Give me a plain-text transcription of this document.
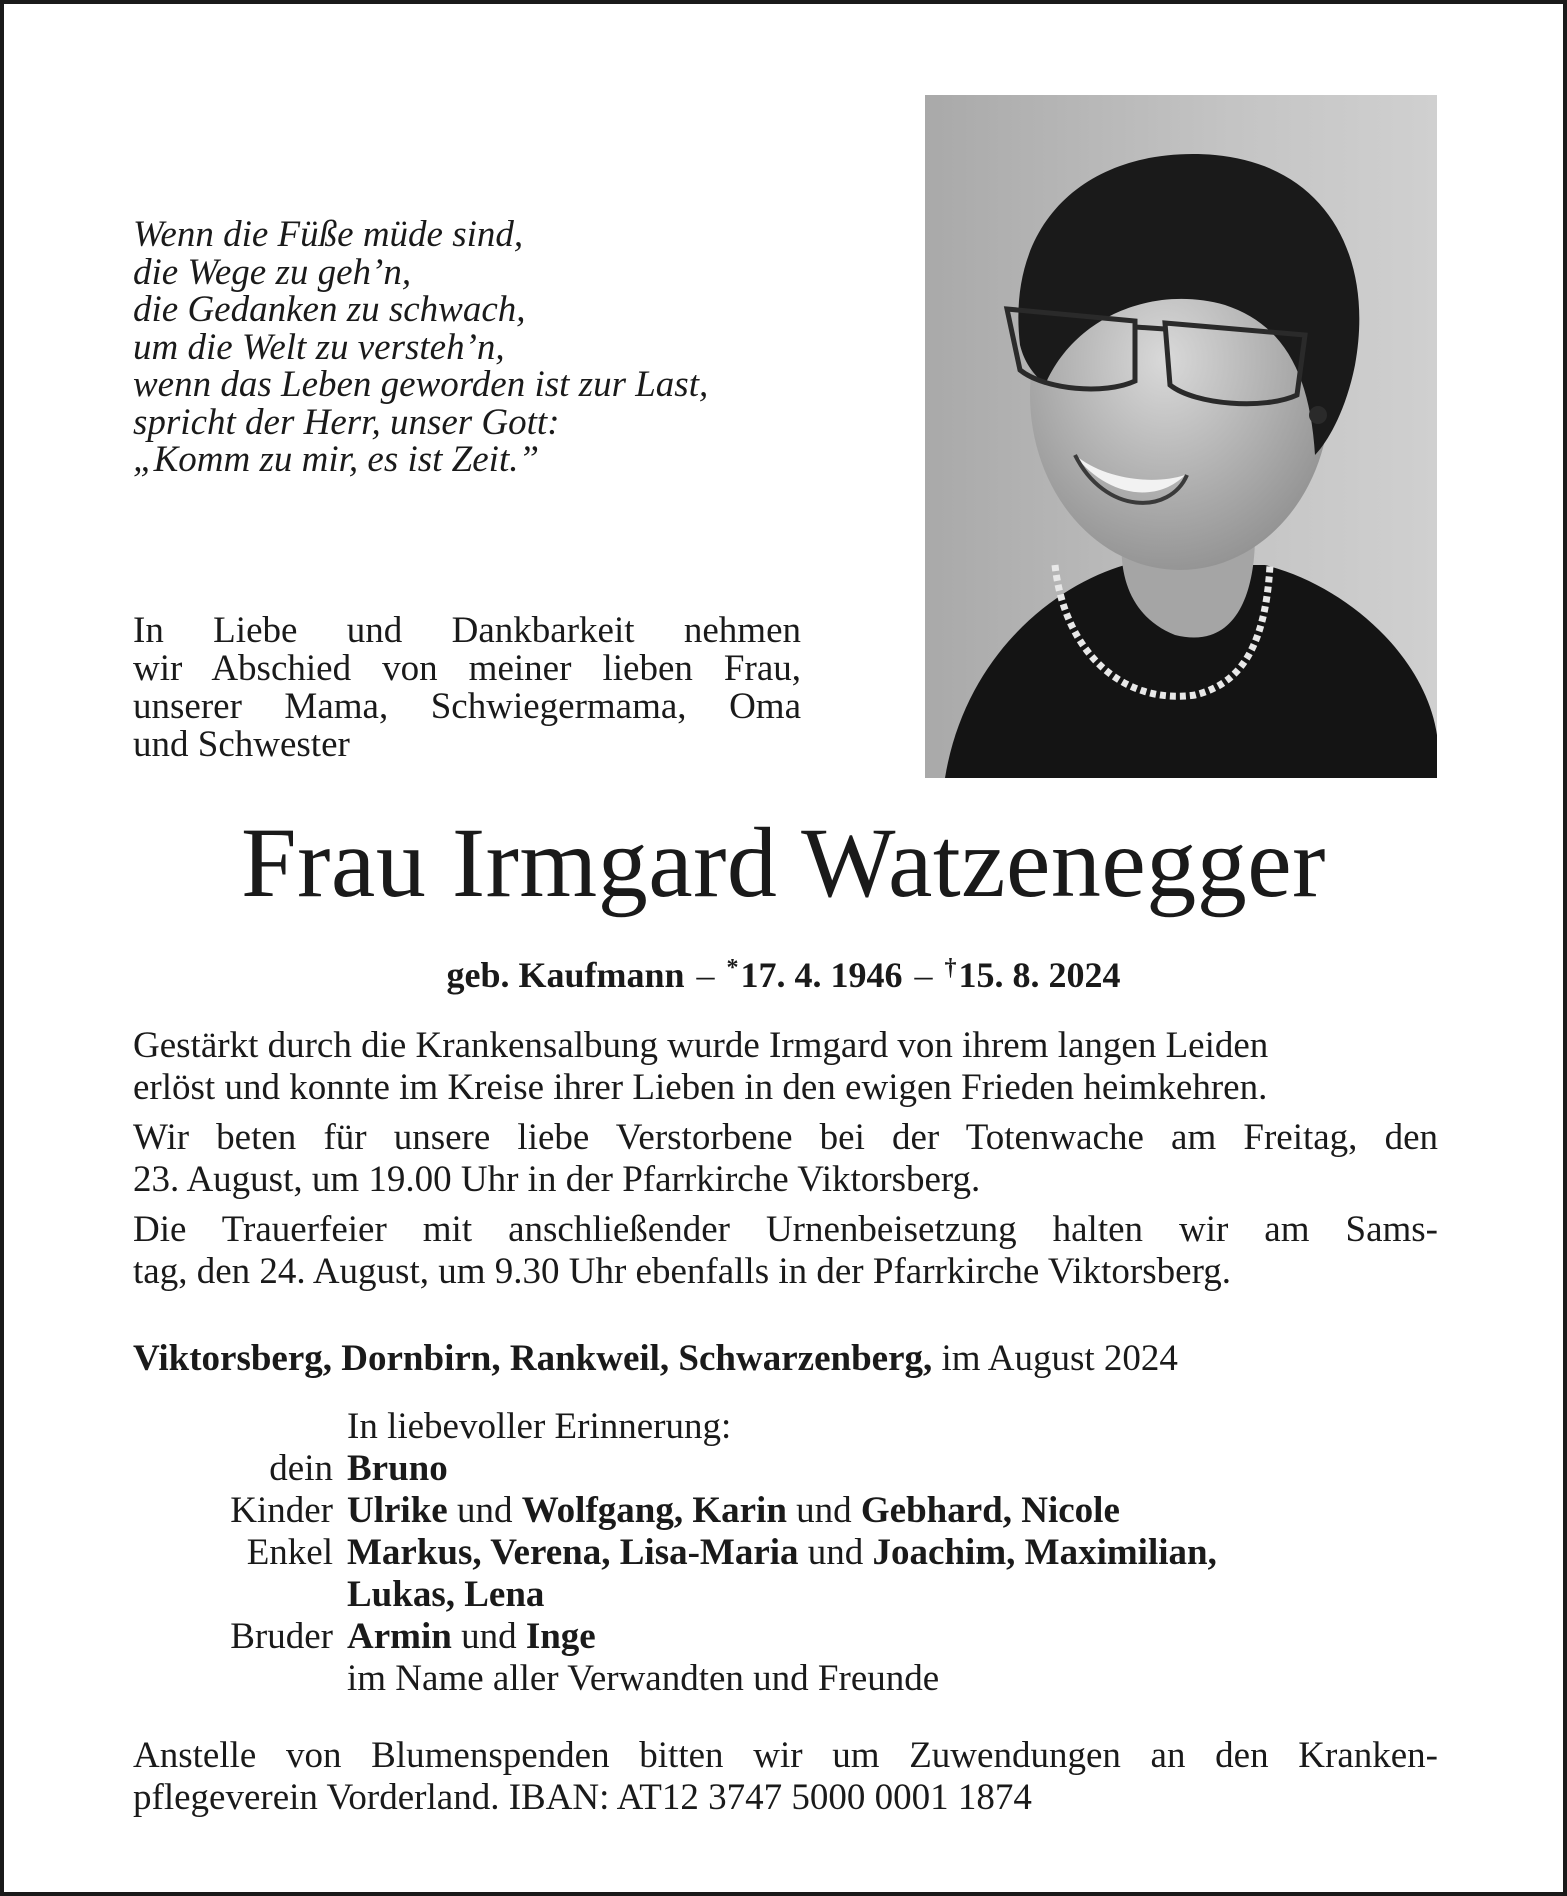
Wenn die Füße müde sind,
die Wege zu geh’n,
die Gedanken zu schwach,
um die Welt zu versteh’n,
wenn das Leben geworden ist zur Last,
spricht der Herr, unser Gott:
„Komm zu mir, es ist Zeit.”
In Liebe und Dankbarkeit nehmen
wir Abschied von meiner lieben Frau,
unserer Mama, Schwiegermama, Oma
und Schwester
Frau Irmgard Watzenegger
geb. Kaufmann – *17. 4. 1946 – †15. 8. 2024
Gestärkt durch die Krankensalbung wurde Irmgard von ihrem langen Leiden
erlöst und konnte im Kreise ihrer Lieben in den ewigen Frieden heimkehren.
Wir beten für unsere liebe Verstorbene bei der Totenwache am Freitag, den
23. August, um 19.00 Uhr in der Pfarrkirche Viktorsberg.
Die Trauerfeier mit anschließender Urnenbeisetzung halten wir am Sams-
tag, den 24. August, um 9.30 Uhr ebenfalls in der Pfarrkirche Viktorsberg.
Viktorsberg, Dornbirn, Rankweil, Schwarzenberg, im August 2024
In liebevoller Erinnerung:
dein Bruno
Kinder Ulrike und Wolfgang, Karin und Gebhard, Nicole
Enkel Markus, Verena, Lisa-Maria und Joachim, Maximilian,
Lukas, Lena
Bruder Armin und Inge
im Name aller Verwandten und Freunde
Anstelle von Blumenspenden bitten wir um Zuwendungen an den Kranken-
pflegeverein Vorderland. IBAN: AT12 3747 5000 0001 1874
